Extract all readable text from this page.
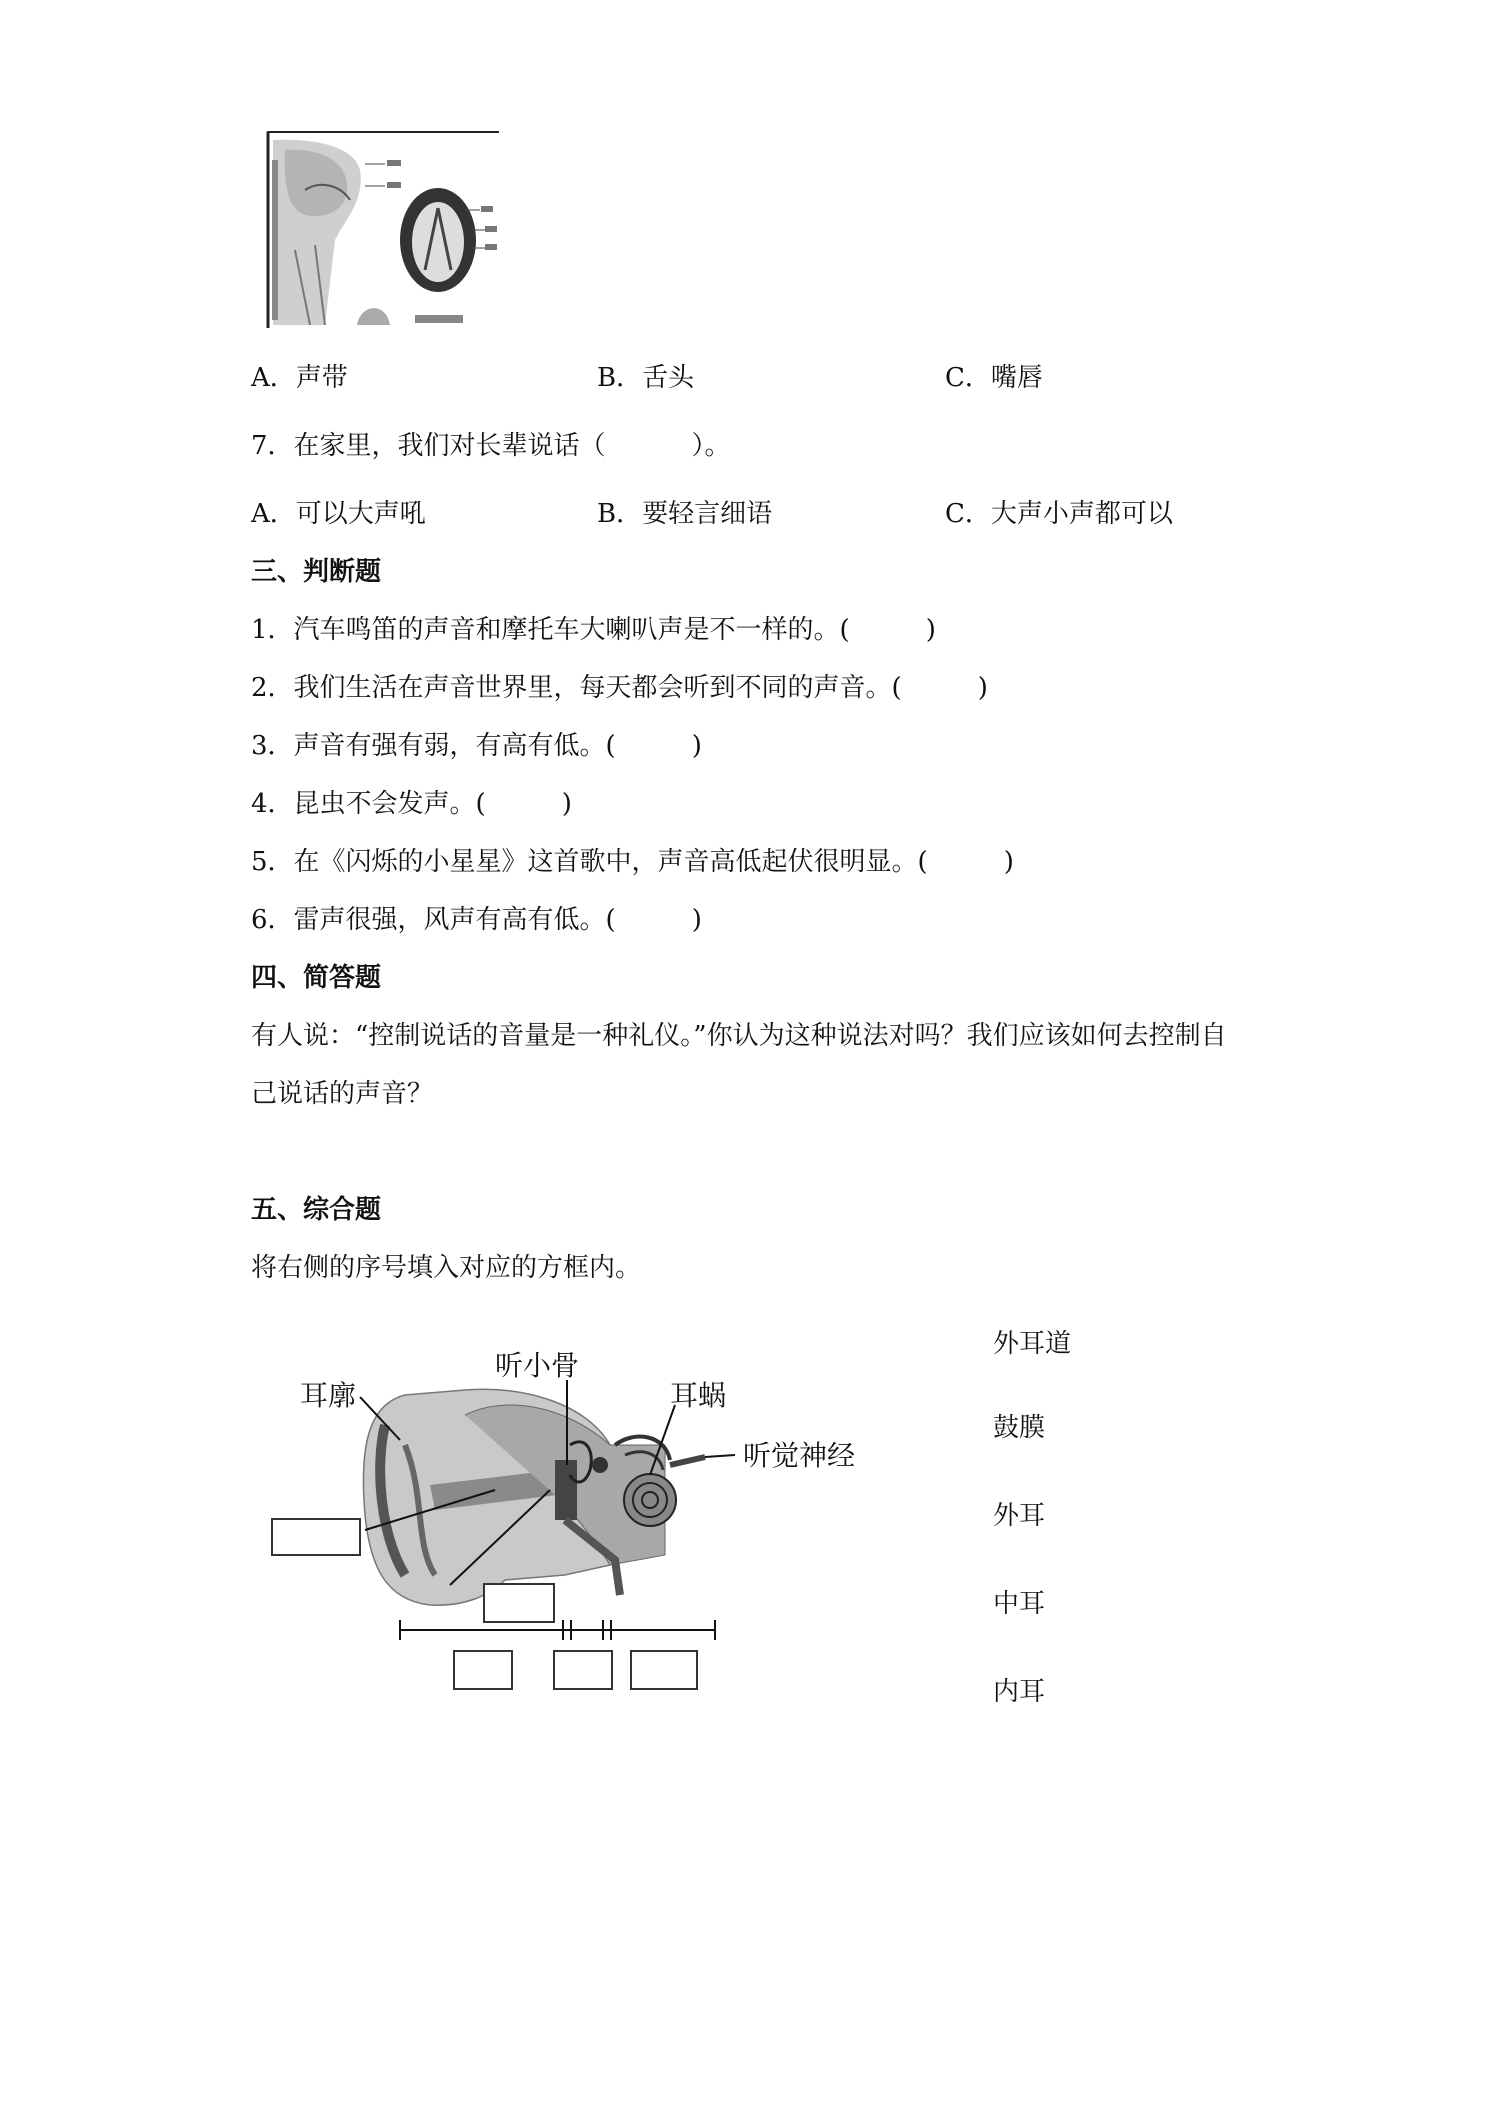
A．声带	B．舌头	C．嘴唇
7．在家里，我们对长辈说话（	）。
A．可以大声吼	B．要轻言细语	C．大声小声都可以
三、判断题
1．汽车鸣笛的声音和摩托车大喇叭声是不一样的。(	)
2．我们生活在声音世界里，每天都会听到不同的声音。(	)
3．声音有强有弱，有高有低。(	)
4．昆虫不会发声。(	)
5．在《闪烁的小星星》这首歌中，声音高低起伏很明显。(	)
6．雷声很强，风声有高有低。(	)
四、简答题
有人说：“控制说话的音量是一种礼仪。”你认为这种说法对吗？我们应该如何去控制自
己说话的声音？
五、综合题
将右侧的序号填入对应的方框内。
耳廓
听小骨
耳蜗
听觉神经
外耳道
鼓膜
外耳
中耳
内耳
